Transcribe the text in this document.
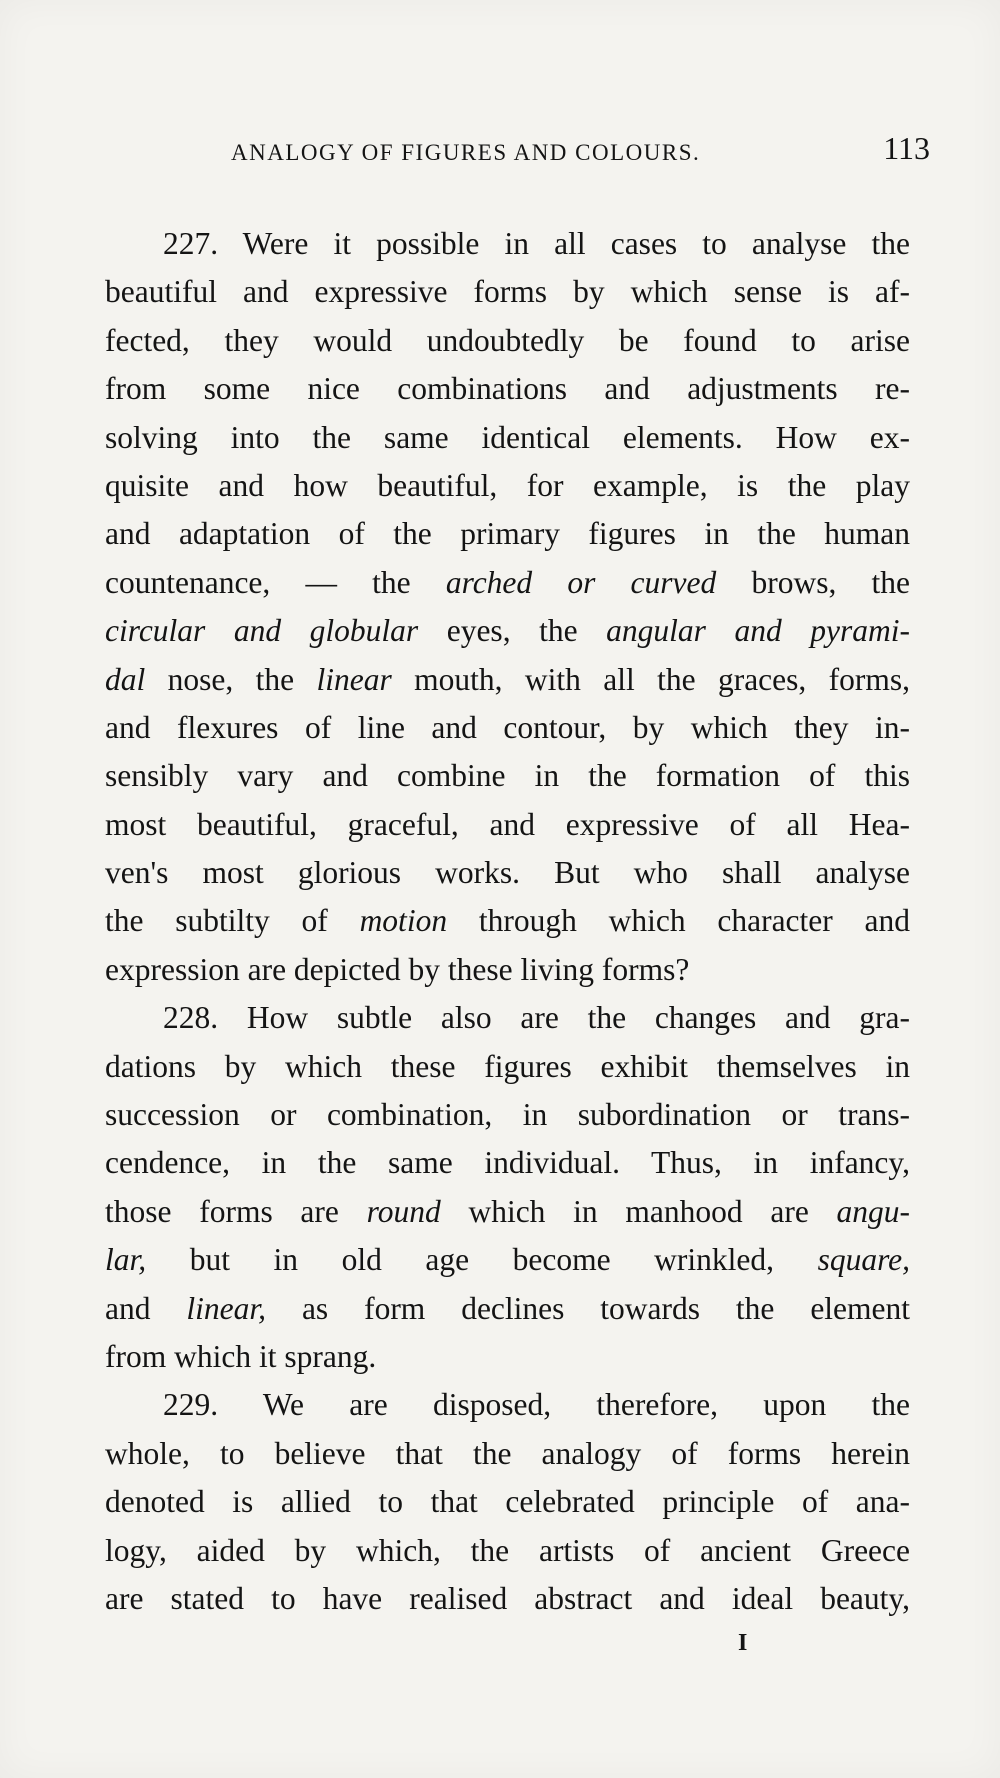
ANALOGY OF FIGURES AND COLOURS.	113
227. Were it possible in all cases to analyse the
beautiful and expressive forms by which sense is af-
fected, they would undoubtedly be found to arise
from some nice combinations and adjustments re-
solving into the same identical elements. How ex-
quisite and how beautiful, for example, is the play
and adaptation of the primary figures in the human
countenance, — the arched or curved brows, the
circular and globular eyes, the angular and pyrami-
dal nose, the linear mouth, with all the graces, forms,
and flexures of line and contour, by which they in-
sensibly vary and combine in the formation of this
most beautiful, graceful, and expressive of all Hea-
ven's most glorious works. But who shall analyse
the subtilty of motion through which character and
expression are depicted by these living forms?
228. How subtle also are the changes and gra-
dations by which these figures exhibit themselves in
succession or combination, in subordination or trans-
cendence, in the same individual. Thus, in infancy,
those forms are round which in manhood are angu-
lar, but in old age become wrinkled, square,
and linear, as form declines towards the element
from which it sprang.
229. We are disposed, therefore, upon the
whole, to believe that the analogy of forms herein
denoted is allied to that celebrated principle of ana-
logy, aided by which, the artists of ancient Greece
are stated to have realised abstract and ideal beauty,
I
